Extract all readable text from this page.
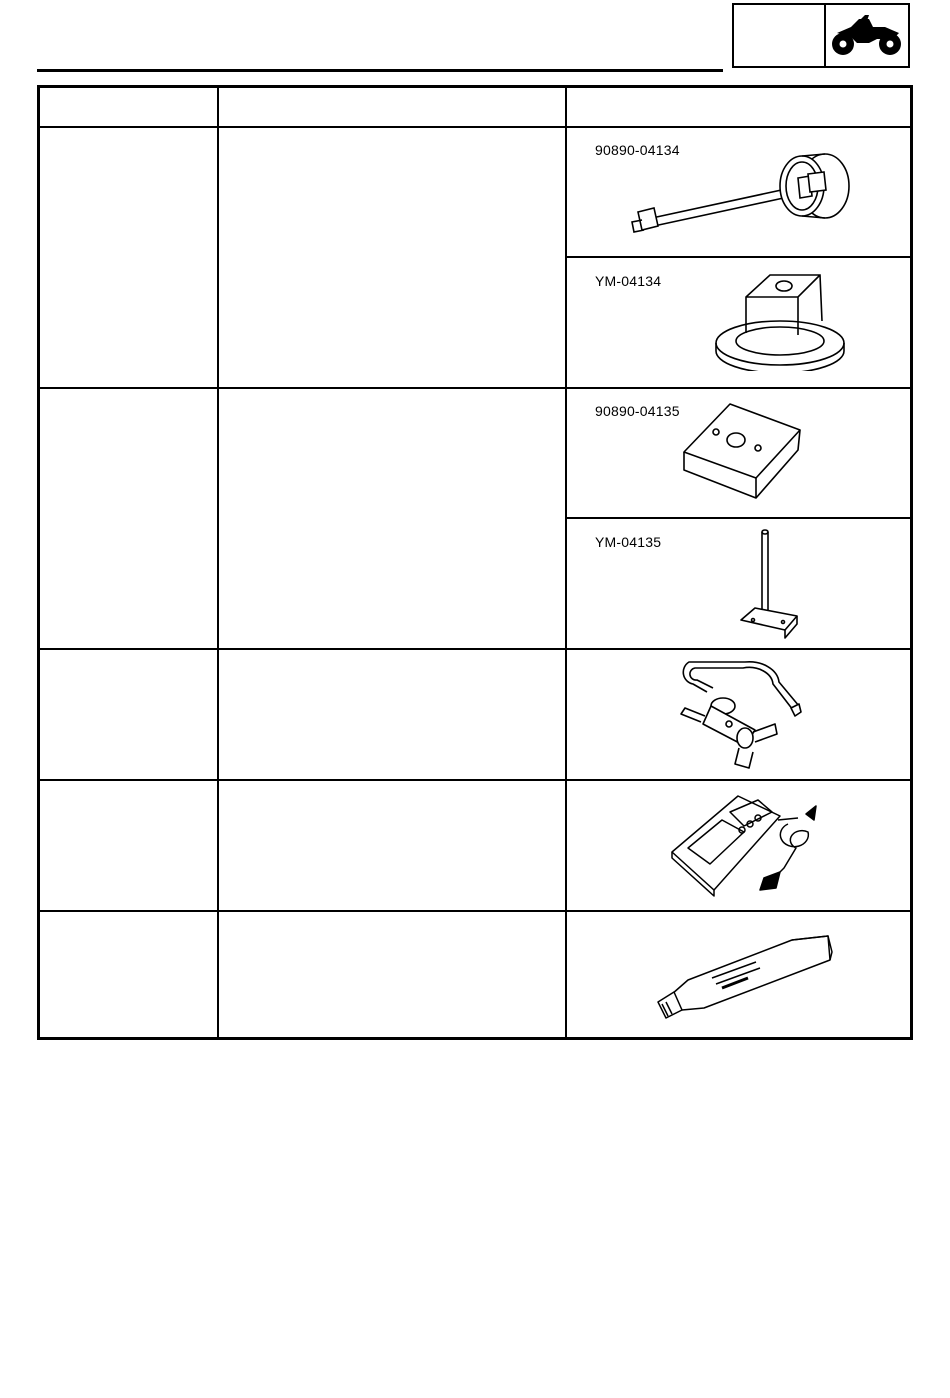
90890-04134
YM-04134
90890-04135
YM-04135
